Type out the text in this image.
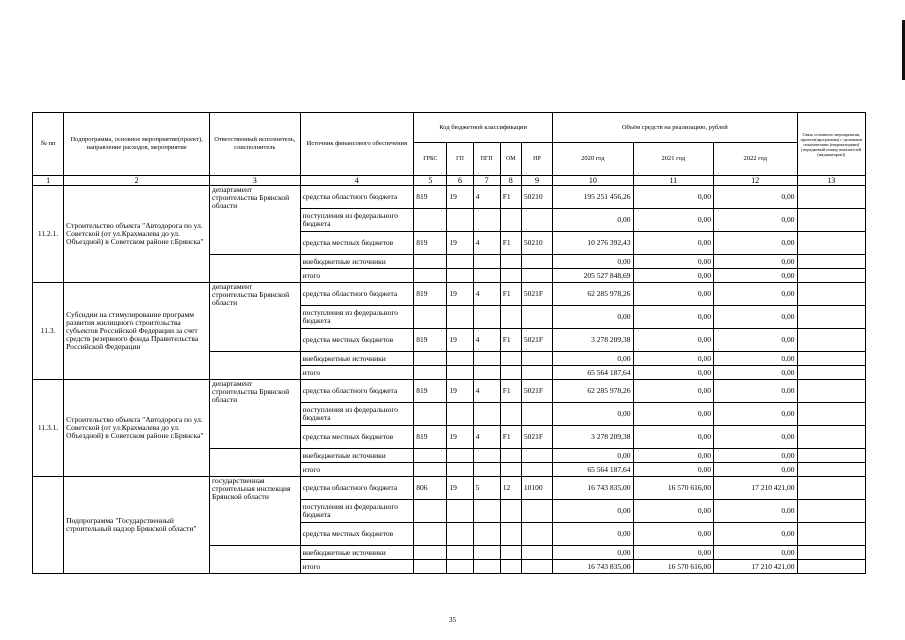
№ пп	Подпрограмма, основное мероприятие(проект), направление расходов, мероприятие	Ответственный исполнитель, соисполнитель	Источник финансового обеспечения	Код бюджетной классификации					Объём средств на реализацию, рублей			Связь основного мероприятия, проекта(программы) с целевыми показателями (индикаторами) (порядковый номер показателей (индикаторов))
				ГРБС	ГП	ПГП	ОМ	НР	2020 год	2021 год	2022 год	
1	2	3	4	5	6	7	8	9	10	11	12	13
11.2.1.	Строительство объекта "Автодорога по ул. Советской (от ул.Крахмалева до ул. Объездной) в Советском районе г.Брянска"	департамент строительства Брянской области	средства областного бюджета	819	19	4	F1	50210	195 251 456,26	0,00	0,00	
			поступления из федерального бюджета						0,00	0,00	0,00	
			средства местных бюджетов	819	19	4	F1	50210	10 276 392,43	0,00	0,00	
			внебюджетные источники						0,00	0,00	0,00	
			итого						205 527 848,69	0,00	0,00	
11.3.	Субсидии на стимулирование программ развития жилищного строительства субъектов Российской Федерации за счет средств резервного фонда Правительства Российской Федерации	департамент строительства Брянской области	средства областного бюджета	819	19	4	F1	5021F	62 285 978,26	0,00	0,00	
			поступления из федерального бюджета						0,00	0,00	0,00	
			средства местных бюджетов	819	19	4	F1	5021F	3 278 209,38	0,00	0,00	
			внебюджетные источники						0,00	0,00	0,00	
			итого						65 564 187,64	0,00	0,00	
11.3.1.	Строительство объекта "Автодорога по ул. Советской (от ул.Крахмалева до ул. Объездной) в Советском районе г.Брянска"	департамент строительства Брянской области	средства областного бюджета	819	19	4	F1	5021F	62 285 978,26	0,00	0,00	
			поступления из федерального бюджета						0,00	0,00	0,00	
			средства местных бюджетов	819	19	4	F1	5021F	3 278 209,38	0,00	0,00	
			внебюджетные источники						0,00	0,00	0,00	
			итого						65 564 187,64	0,00	0,00	
	Подпрограмма "Государственный строительный надзор Брянской области"	государственная строительная инспекция Брянской области	средства областного бюджета	806	19	5	12	10100	16 743 835,00	16 570 616,00	17 210 421,00	
			поступления из федерального бюджета						0,00	0,00	0,00	
			средства местных бюджетов						0,00	0,00	0,00	
			внебюджетные источники						0,00	0,00	0,00	
			итого						16 743 835,00	16 570 616,00	17 210 421,00	
35
